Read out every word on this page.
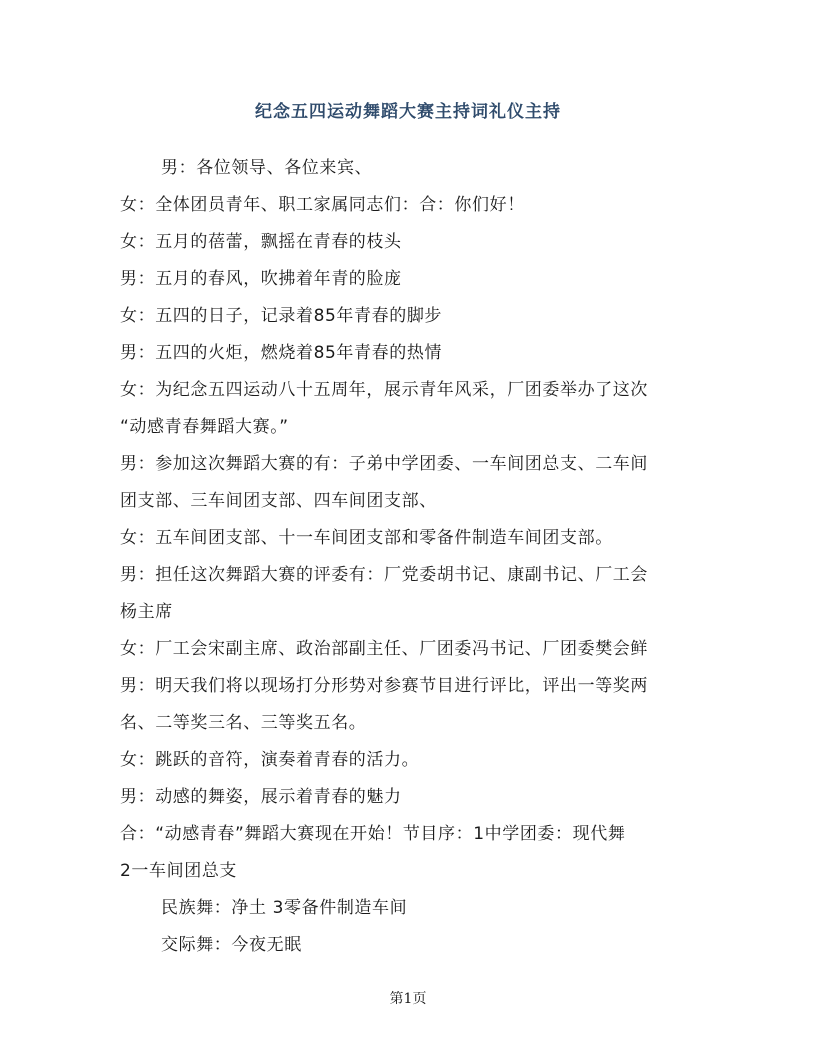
纪念五四运动舞蹈大赛主持词礼仪主持
男：各位领导、各位来宾、
女：全体团员青年、职工家属同志们：合：你们好！
女：五月的蓓蕾，飘摇在青春的枝头
男：五月的春风，吹拂着年青的脸庞
女：五四的日子，记录着85年青春的脚步
男：五四的火炬，燃烧着85年青春的热情
女：为纪念五四运动八十五周年，展示青年风采，厂团委举办了这次
“动感青春舞蹈大赛。”
男：参加这次舞蹈大赛的有：子弟中学团委、一车间团总支、二车间
团支部、三车间团支部、四车间团支部、
女：五车间团支部、十一车间团支部和零备件制造车间团支部。
男：担任这次舞蹈大赛的评委有：厂党委胡书记、康副书记、厂工会
杨主席
女：厂工会宋副主席、政治部副主任、厂团委冯书记、厂团委樊会鲜
男：明天我们将以现场打分形势对参赛节目进行评比，评出一等奖两
名、二等奖三名、三等奖五名。
女：跳跃的音符，演奏着青春的活力。
男：动感的舞姿，展示着青春的魅力
合：“动感青春”舞蹈大赛现在开始！节目序：1中学团委：现代舞
2一车间团总支
民族舞：净土 3零备件制造车间
交际舞：今夜无眠
第1页
